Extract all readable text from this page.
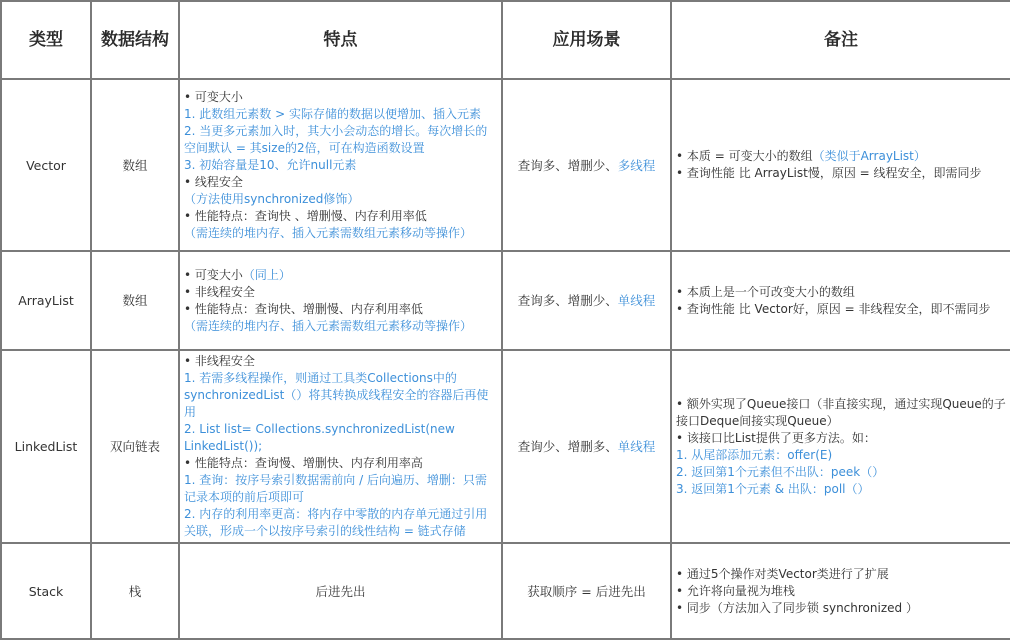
类型	数据结构	特点	应用场景	备注
Vector	数组	
• 可变大小
1. 此数组元素数 > 实际存储的数据以便增加、插入元素
2. 当更多元素加入时，其大小会动态的增长。每次增长的空间默认 = 其size的2倍，可在构造函数设置
3. 初始容量是10、允许null元素
• 线程安全
（方法使用synchronized修饰）
• 性能特点：查询快 、增删慢、内存利用率低
（需连续的堆内存、插入元素需数组元素移动等操作）
	查询多、增删少、多线程	
• 本质 = 可变大小的数组（类似于ArrayList）
• 查询性能 比 ArrayList慢，原因 = 线程安全，即需同步

ArrayList	数组	• 可变大小（同上）
• 非线程安全
• 性能特点：查询快、增删慢、内存利用率低
（需连续的堆内存、插入元素需数组元素移动等操作）	查询多、增删少、单线程	• 本质上是一个可改变大小的数组
• 查询性能 比 Vector好，原因 = 非线程安全，即不需同步

LinkedList	双向链表	
• 非线程安全
1. 若需多线程操作，则通过工具类Collections中的synchronizedList（）将其转换成线程安全的容器后再使用
2. List list= Collections.synchronizedList(new LinkedList());
• 性能特点：查询慢、增删快、内存利用率高
1. 查询：按序号索引数据需前向 / 后向遍历、增删：只需记录本项的前后项即可
2. 内存的利用率更高：将内存中零散的内存单元通过引用关联，形成一个以按序号索引的线性结构 = 链式存储
	查询少、增删多、单线程	
• 额外实现了Queue接口（非直接实现，通过实现Queue的子接口Deque间接实现Queue）
• 该接口比List提供了更多方法。如：
1. 从尾部添加元素：offer(E)
2. 返回第1个元素但不出队：peek（）
3. 返回第1个元素 & 出队：poll（）

Stack	栈	后进先出	获取顺序 = 后进先出	• 通过5个操作对类Vector类进行了扩展
• 允许将向量视为堆栈
• 同步（方法加入了同步锁 synchronized ）
